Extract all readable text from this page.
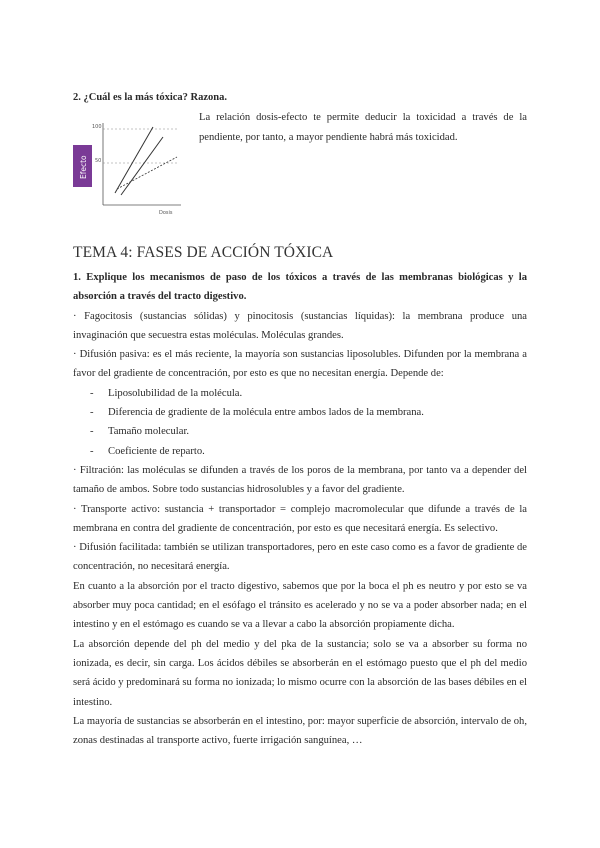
2. ¿Cuál es la más tóxica? Razona.
Efecto
100
50
Dosis
La relación dosis-efecto te permite deducir la toxicidad a través de la pendiente, por tanto, a mayor pendiente habrá más toxicidad.
TEMA 4: FASES DE ACCIÓN TÓXICA

1. Explique los mecanismos de paso de los tóxicos a través de las membranas biológicas y la absorción a través del tracto digestivo.

· Fagocitosis (sustancias sólidas) y pinocitosis (sustancias líquidas): la membrana produce una invaginación que secuestra estas moléculas. Moléculas grandes.

· Difusión pasiva: es el más reciente, la mayoría son sustancias liposolubles. Difunden por la membrana a favor del gradiente de concentración, por esto es que no necesitan energía. Depende de:

- Liposolubilidad de la molécula.
- Diferencia de gradiente de la molécula entre ambos lados de la membrana.
- Tamaño molecular.
- Coeficiente de reparto.

· Filtración: las moléculas se difunden a través de los poros de la membrana, por tanto va a depender del tamaño de ambos. Sobre todo sustancias hidrosolubles y a favor del gradiente.

· Transporte activo: sustancia + transportador = complejo macromolecular que difunde a través de la membrana en contra del gradiente de concentración, por esto es que necesitará energía. Es selectivo.

· Difusión facilitada: también se utilizan transportadores, pero en este caso como es a favor de gradiente de concentración, no necesitará energía.

En cuanto a la absorción por el tracto digestivo, sabemos que por la boca el ph es neutro y por esto se va absorber muy poca cantidad; en el esófago el tránsito es acelerado y no se va a poder absorber nada; en el intestino y en el estómago es cuando se va a llevar a cabo la absorción propiamente dicha.

La absorción depende del ph del medio y del pka de la sustancia; solo se va a absorber su forma no ionizada, es decir, sin carga. Los ácidos débiles se absorberán en el estómago puesto que el ph del medio será ácido y predominará su forma no ionizada; lo mismo ocurre con la absorción de las bases débiles en el intestino.

La mayoría de sustancias se absorberán en el intestino, por: mayor superficie de absorción, intervalo de oh, zonas destinadas al transporte activo, fuerte irrigación sanguínea, …
